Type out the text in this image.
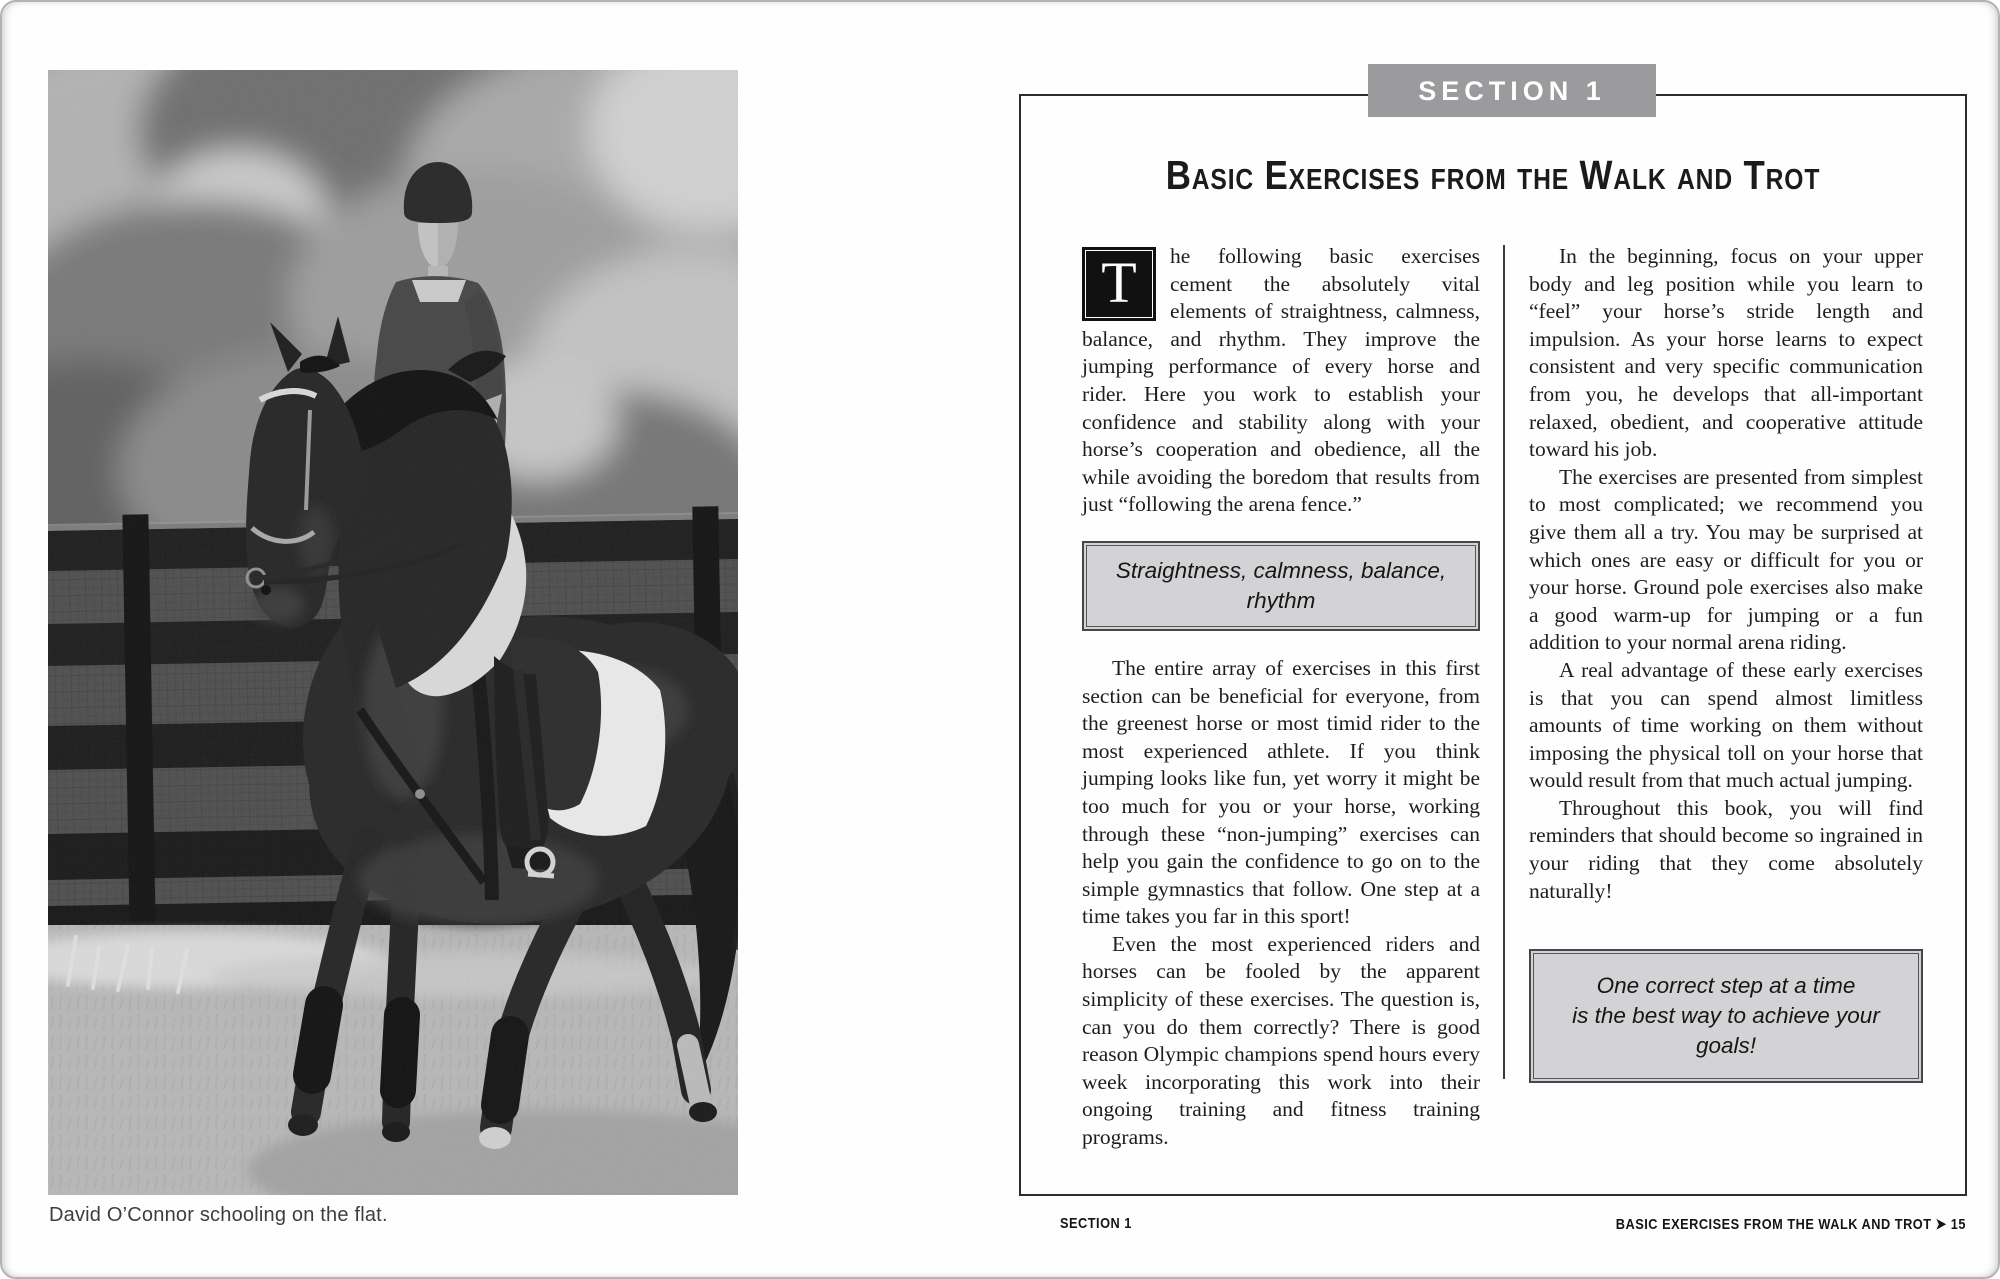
David O’Connor schooling on the flat.
SECTION 1
Basic Exercises from the Walk and Trot

T	he following basic exercises cement the absolutely vital elements of straightness, calmness, balance, and rhythm. They improve the jumping performance of every horse and rider. Here you work to establish your confidence and stability along with your horse’s cooperation and obedience, all the while avoiding the boredom that results from just “following the arena fence.”

Straightness, calmness, balance, rhythm

The entire array of exercises in this first section can be beneficial for everyone, from the greenest horse or most timid rider to the most experienced athlete. If you think jumping looks like fun, yet worry it might be too much for you or your horse, working through these “non-jumping” exercises can help you gain the confidence to go on to the simple gymnastics that follow. One step at a time takes you far in this sport!

Even the most experienced riders and horses can be fooled by the apparent simplicity of these exercises. The question is, can you do them correctly? There is good reason Olympic champions spend hours every week incorporating this work into their ongoing training and fitness training programs.

In the beginning, focus on your upper body and leg position while you learn to “feel” your horse’s stride length and impulsion. As your horse learns to expect consistent and very specific communication from you, he develops that all-important relaxed, obedient, and cooperative attitude toward his job.

The exercises are presented from simplest to most complicated; we recommend you give them all a try. You may be surprised at which ones are easy or difficult for you or your horse. Ground pole exercises also make a good warm-up for jumping or a fun addition to your normal arena riding.

A real advantage of these early exercises is that you can spend almost limitless amounts of time working on them without imposing the physical toll on your horse that would result from that much actual jumping.

Throughout this book, you will find reminders that should become so ingrained in your riding that they come absolutely naturally!

One correct step at a time
is the best way to achieve your goals!
SECTION 1	BASIC EXERCISES FROM THE WALK AND TROT ➤ 15
